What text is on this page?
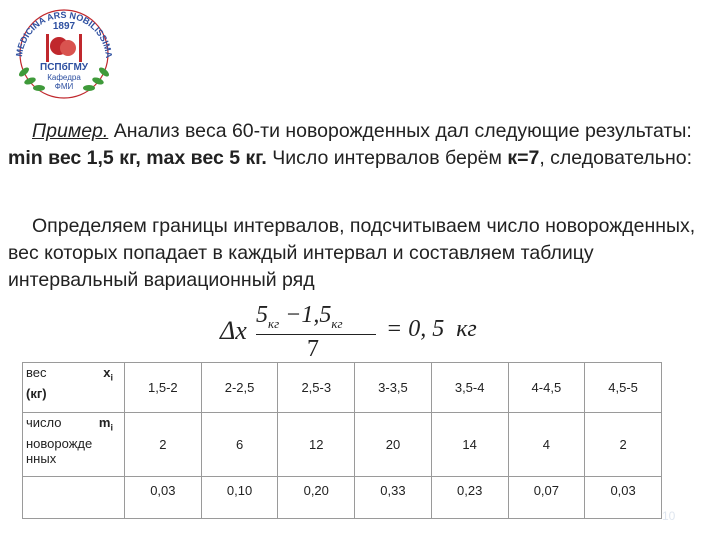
MEDICINA ARS NOBILISSIMA
1897
ПСПбГМУ
Кафедра
ФМИ

Пример. Анализ веса 60-ти новорожденных дал следующие результаты: min вес 1,5 кг, max вес 5 кг. Число интервалов берём к=7, следовательно:

Определяем границы интервалов, подсчитываем число новорожденных, вес которых попадает в каждый интервал и составляем таблицу интервальный вариационный ряд

Δx
$5_{кг} -1,5_{кг}$
7
= 0, 5 кг
вес $x_i$
(кг)	1,5-2	2-2,5	2,5-3	3-3,5	3,5-4	4-4,5	4,5-5

число $m_i$
новорожде
нных	2	6	12	20	14	4	2
	0,03	0,10	0,20	0,33	0,23	0,07	0,03
10
